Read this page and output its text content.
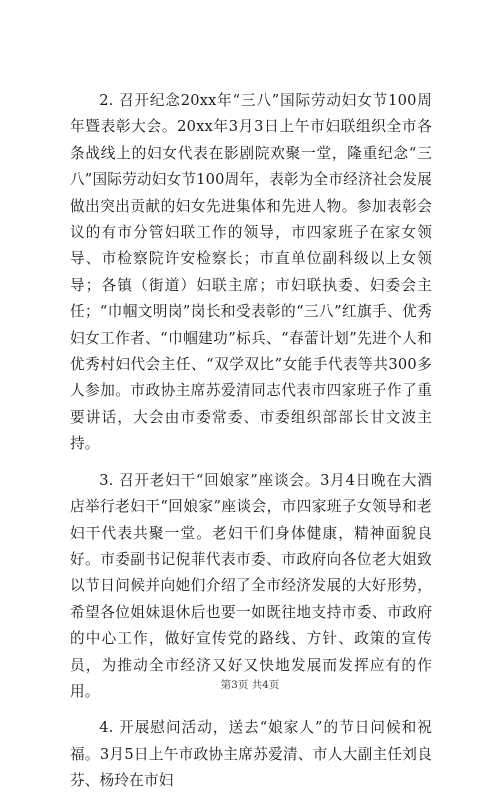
2. 召开纪念20xx年“三八”国际劳动妇女节100周年暨表彰大会。20xx年3月3日上午市妇联组织全市各条战线上的妇女代表在影剧院欢聚一堂，隆重纪念“三八”国际劳动妇女节100周年，表彰为全市经济社会发展做出突出贡献的妇女先进集体和先进人物。参加表彰会议的有市分管妇联工作的领导，市四家班子在家女领导、市检察院许安检察长；市直单位副科级以上女领导；各镇（街道）妇联主席；市妇联执委、妇委会主任；“巾帼文明岗”岗长和受表彰的“三八”红旗手、优秀妇女工作者、“巾帼建功”标兵、“春蕾计划”先进个人和优秀村妇代会主任、“双学双比”女能手代表等共300多人参加。市政协主席苏爱清同志代表市四家班子作了重要讲话，大会由市委常委、市委组织部部长甘文波主持。

3. 召开老妇干“回娘家”座谈会。3月4日晚在大酒店举行老妇干“回娘家”座谈会，市四家班子女领导和老妇干代表共聚一堂。老妇干们身体健康，精神面貌良好。市委副书记倪菲代表市委、市政府向各位老大姐致以节日问候并向她们介绍了全市经济发展的大好形势，希望各位姐妹退休后也要一如既往地支持市委、市政府的中心工作，做好宣传党的路线、方针、政策的宣传员，为推动全市经济又好又快地发展而发挥应有的作用。

4. 开展慰问活动，送去“娘家人”的节日问候和祝福。3月5日上午市政协主席苏爱清、市人大副主任刘良芬、杨玲在市妇

第3页 共4页
